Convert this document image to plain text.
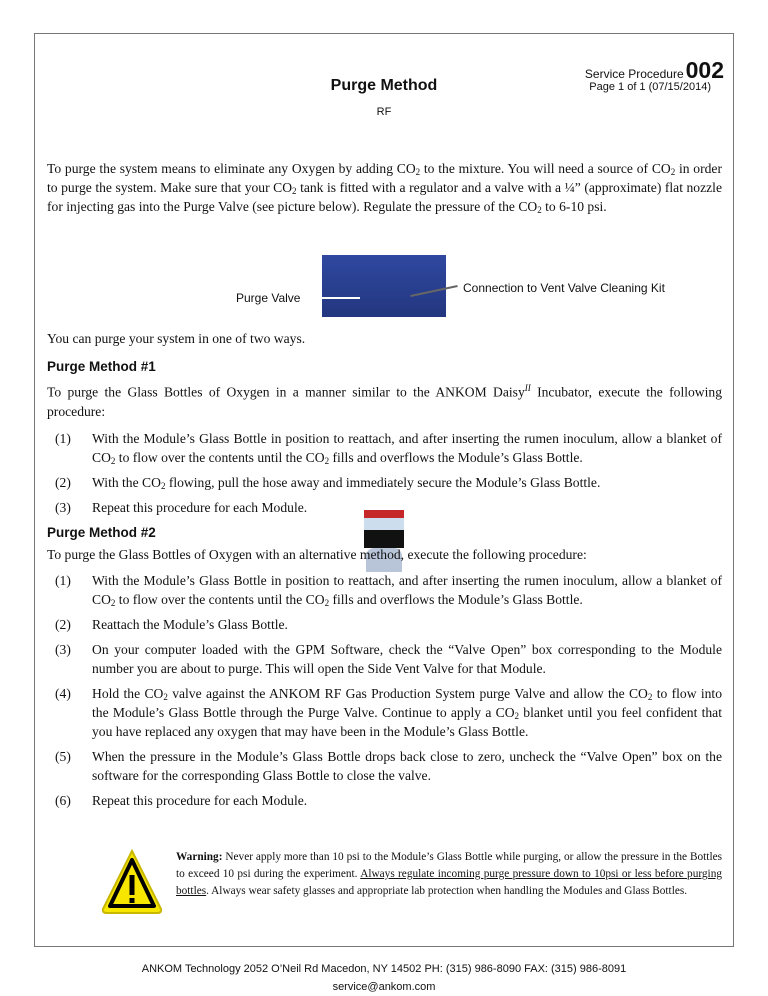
Service Procedure002
Page 1 of 1 (07/15/2014)
Purge Method
RF
To purge the system means to eliminate any Oxygen by adding $CO_2$ to the mixture. You will need a source of $CO_2$ in order to purge the system. Make sure that your $CO_2$ tank is fitted with a regulator and a valve with a ¼” (approximate) flat nozzle for injecting gas into the Purge Valve (see picture below). Regulate the pressure of the $CO_2$ to 6-10 psi.
Purge Valve
Connection to Vent Valve Cleaning Kit
You can purge your system in one of two ways.
Purge Method #1
To purge the Glass Bottles of Oxygen in a manner similar to the ANKOM Daisy$^{II}$ Incubator, execute the following procedure:
(1)	With the Module’s Glass Bottle in position to reattach, and after inserting the rumen inoculum, allow a blanket of $CO_2$ to flow over the contents until the $CO_2$ fills and overflows the Module’s Glass Bottle.
(2)	With the $CO_2$ flowing, pull the hose away and immediately secure the Module’s Glass Bottle.
(3)	Repeat this procedure for each Module.
Purge Method #2
To purge the Glass Bottles of Oxygen with an alternative method, execute the following procedure:
(1)	With the Module’s Glass Bottle in position to reattach, and after inserting the rumen inoculum, allow a blanket of $CO_2$ to flow over the contents until the $CO_2$ fills and overflows the Module’s Glass Bottle.
(2)	Reattach the Module’s Glass Bottle.
(3)	On your computer loaded with the GPM Software, check the “Valve Open” box corresponding to the Module number you are about to purge. This will open the Side Vent Valve for that Module.
(4)	Hold the $CO_2$ valve against the ANKOM RF Gas Production System purge Valve and allow the $CO_2$ to flow into the Module’s Glass Bottle through the Purge Valve. Continue to apply a $CO_2$ blanket until you feel confident that you have replaced any oxygen that may have been in the Module’s Glass Bottle.
(5)	When the pressure in the Module’s Glass Bottle drops back close to zero, uncheck the “Valve Open” box on the software for the corresponding Glass Bottle to close the valve.
(6)	Repeat this procedure for each Module.
Warning: Never apply more than 10 psi to the Module’s Glass Bottle while purging, or allow the pressure in the Bottles to exceed 10 psi during the experiment. Always regulate incoming purge pressure down to 10psi or less before purging bottles. Always wear safety glasses and appropriate lab protection when handling the Modules and Glass Bottles.
ANKOM Technology 2052 O’Neil Rd Macedon, NY 14502 PH: (315) 986-8090 FAX: (315) 986-8091
service@ankom.com
